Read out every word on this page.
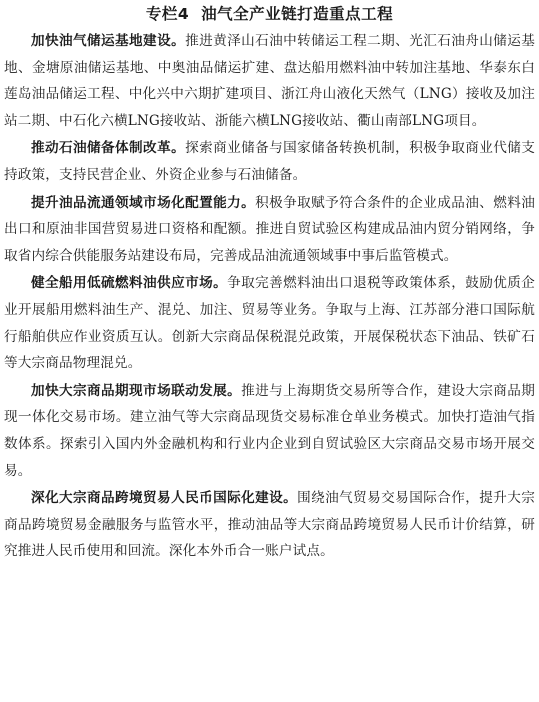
专栏4 油气全产业链打造重点工程

加快油气储运基地建设。推进黄泽山石油中转储运工程二期、光汇石油舟山储运基地、金塘原油储运基地、中奥油品储运扩建、盘达船用燃料油中转加注基地、华泰东白莲岛油品储运工程、中化兴中六期扩建项目、浙江舟山液化天然气（LNG）接收及加注站二期、中石化六横LNG接收站、浙能六横LNG接收站、衢山南部LNG项目。

推动石油储备体制改革。探索商业储备与国家储备转换机制，积极争取商业代储支持政策，支持民营企业、外资企业参与石油储备。

提升油品流通领域市场化配置能力。积极争取赋予符合条件的企业成品油、燃料油出口和原油非国营贸易进口资格和配额。推进自贸试验区构建成品油内贸分销网络，争取省内综合供能服务站建设布局，完善成品油流通领域事中事后监管模式。

健全船用低硫燃料油供应市场。争取完善燃料油出口退税等政策体系，鼓励优质企业开展船用燃料油生产、混兑、加注、贸易等业务。争取与上海、江苏部分港口国际航行船舶供应作业资质互认。创新大宗商品保税混兑政策，开展保税状态下油品、铁矿石等大宗商品物理混兑。

加快大宗商品期现市场联动发展。推进与上海期货交易所等合作，建设大宗商品期现一体化交易市场。建立油气等大宗商品现货交易标准仓单业务模式。加快打造油气指数体系。探索引入国内外金融机构和行业内企业到自贸试验区大宗商品交易市场开展交易。

深化大宗商品跨境贸易人民币国际化建设。围绕油气贸易交易国际合作，提升大宗商品跨境贸易金融服务与监管水平，推动油品等大宗商品跨境贸易人民币计价结算，研究推进人民币使用和回流。深化本外币合一账户试点。
